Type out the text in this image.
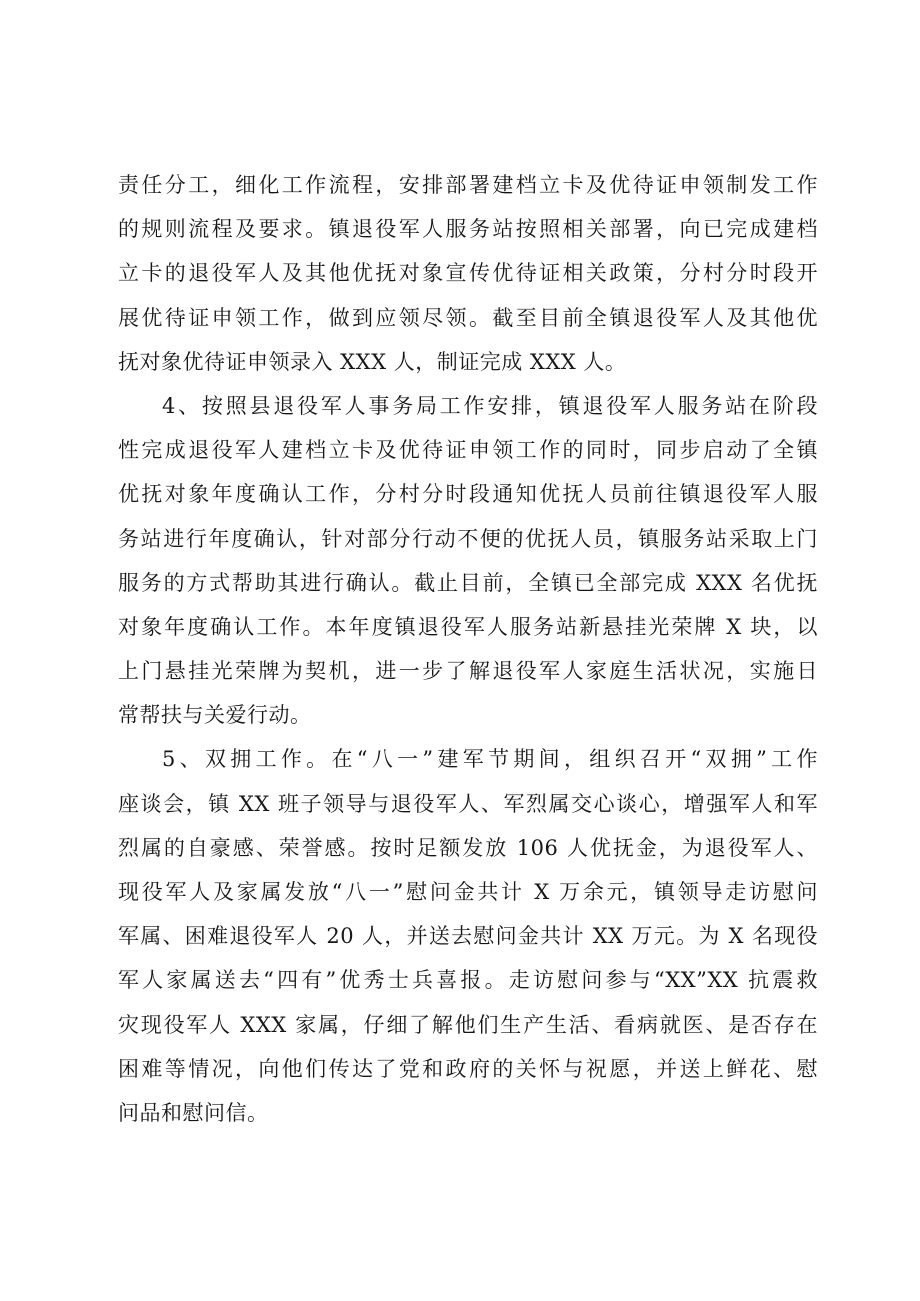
责任分工，细化工作流程，安排部署建档立卡及优待证申领制发工作
的规则流程及要求。镇退役军人服务站按照相关部署，向已完成建档
立卡的退役军人及其他优抚对象宣传优待证相关政策，分村分时段开
展优待证申领工作，做到应领尽领。截至目前全镇退役军人及其他优
抚对象优待证申领录入 XXX 人，制证完成 XXX 人。
4、按照县退役军人事务局工作安排，镇退役军人服务站在阶段
性完成退役军人建档立卡及优待证申领工作的同时，同步启动了全镇
优抚对象年度确认工作，分村分时段通知优抚人员前往镇退役军人服
务站进行年度确认，针对部分行动不便的优抚人员，镇服务站采取上门
服务的方式帮助其进行确认。截止目前，全镇已全部完成 XXX 名优抚
对象年度确认工作。本年度镇退役军人服务站新悬挂光荣牌 X 块，以
上门悬挂光荣牌为契机，进一步了解退役军人家庭生活状况，实施日
常帮扶与关爱行动。
5、双拥工作。在“八一”建军节期间，组织召开“双拥”工作
座谈会，镇 XX 班子领导与退役军人、军烈属交心谈心，增强军人和军
烈属的自豪感、荣誉感。按时足额发放 106 人优抚金，为退役军人、
现役军人及家属发放“八一”慰问金共计 X 万余元，镇领导走访慰问
军属、困难退役军人 20 人，并送去慰问金共计 XX 万元。为 X 名现役
军人家属送去“四有”优秀士兵喜报。走访慰问参与“XX”XX 抗震救
灾现役军人 XXX 家属，仔细了解他们生产生活、看病就医、是否存在
困难等情况，向他们传达了党和政府的关怀与祝愿，并送上鲜花、慰
问品和慰问信。
